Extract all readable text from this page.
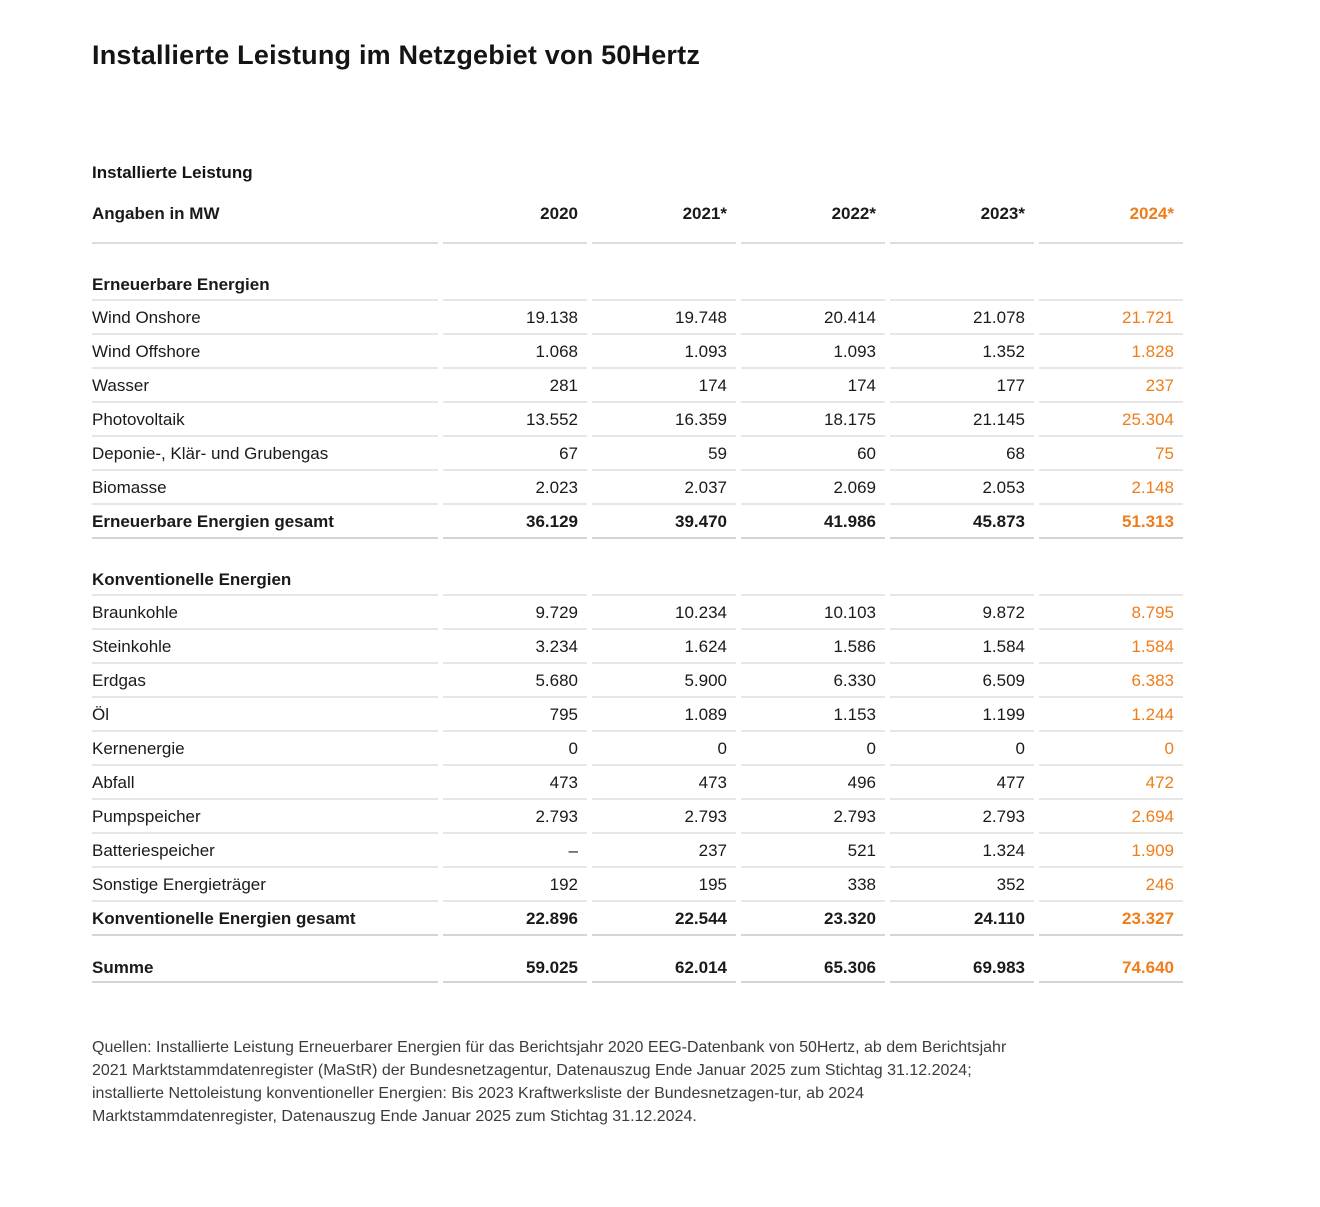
Installierte Leistung im Netzgebiet von 50Hertz
Installierte Leistung
Angaben in MW	2020	2021*	2022*	2023*	2024*
Erneuerbare Energien					
Wind Onshore	19.138	19.748	20.414	21.078	21.721
Wind Offshore	1.068	1.093	1.093	1.352	1.828
Wasser	281	174	174	177	237
Photovoltaik	13.552	16.359	18.175	21.145	25.304
Deponie-, Klär- und Grubengas	67	59	60	68	75
Biomasse	2.023	2.037	2.069	2.053	2.148
Erneuerbare Energien gesamt	36.129	39.470	41.986	45.873	51.313
Konventionelle Energien					
Braunkohle	9.729	10.234	10.103	9.872	8.795
Steinkohle	3.234	1.624	1.586	1.584	1.584
Erdgas	5.680	5.900	6.330	6.509	6.383
Öl	795	1.089	1.153	1.199	1.244
Kernenergie	0	0	0	0	0
Abfall	473	473	496	477	472
Pumpspeicher	2.793	2.793	2.793	2.793	2.694
Batteriespeicher	–	237	521	1.324	1.909
Sonstige Energieträger	192	195	338	352	246
Konventionelle Energien gesamt	22.896	22.544	23.320	24.110	23.327
Summe	59.025	62.014	65.306	69.983	74.640

Quellen: Installierte Leistung Erneuerbarer Energien für das Berichtsjahr 2020 EEG-Datenbank von 50Hertz, ab dem Berichtsjahr 2021 Marktstammdatenregister (MaStR) der Bundesnetzagentur, Datenauszug Ende Januar 2025 zum Stichtag 31.12.2024; installierte Nettoleistung konventioneller Energien: Bis 2023 Kraftwerksliste der Bundesnetzagen-tur, ab 2024 Marktstammdatenregister, Datenauszug Ende Januar 2025 zum Stichtag 31.12.2024.
